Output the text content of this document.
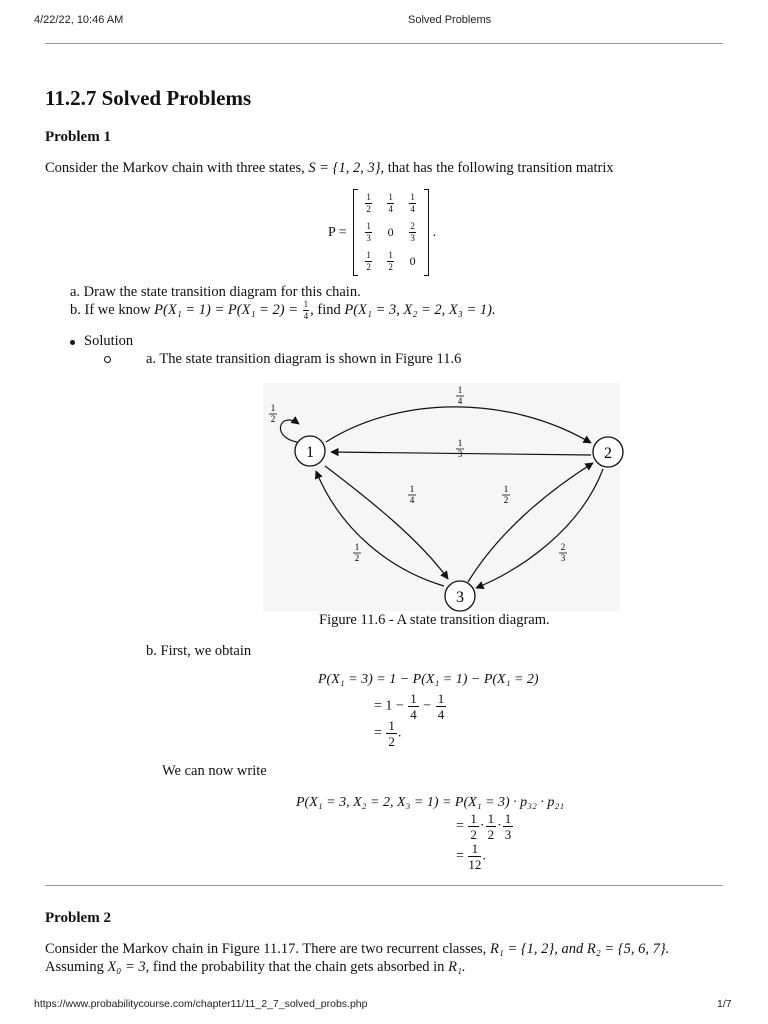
4/22/22, 10:46 AM	Solved Problems
11.2.7 Solved Problems
Problem 1
Consider the Markov chain with three states, S = {1, 2, 3}, that has the following transition matrix
P =
$\frac{1}{2} \frac{1}{4} \frac{1}{4}$
$\frac{1}{3} 0 \frac{2}{3}$
$\frac{1}{2} \frac{1}{2} 0$
.
a. Draw the state transition diagram for this chain.
b. If we know $P(X_1 = 1) = P(X_1 = 2) = \frac{1}{4}$ , find P(X₁ = 3, X₂ = 2, X₃ = 1).
Solution
a. The state transition diagram is shown in Figure 11.6
1	2
3
1
2
1
4
1
3
1
4
1
2
1
2
2
3
Figure 11.6 - A state transition diagram.
b. First, we obtain
P(X₁ = 3) = 1 − P(X₁ = 1) − P(X₁ = 2)
= $1 - \frac{1}{4} - \frac{1}{4}$
= $\frac{1}{2}$ .
We can now write
P(X₁ = 3, X₂ = 2, X₃ = 1) = P(X₁ = 3) · p₃₂ · p₂₁
= $\frac{1}{2} \cdot \frac{1}{2} \cdot \frac{1}{3}$
= $\frac{1}{12}$ .
Problem 2
Consider the Markov chain in Figure 11.17. There are two recurrent classes, R₁ = {1, 2}, and R₂ = {5, 6, 7}.
Assuming X₀ = 3, find the probability that the chain gets absorbed in R₁.
https://www.probabilitycourse.com/chapter11/11_2_7_solved_probs.php	1/7
